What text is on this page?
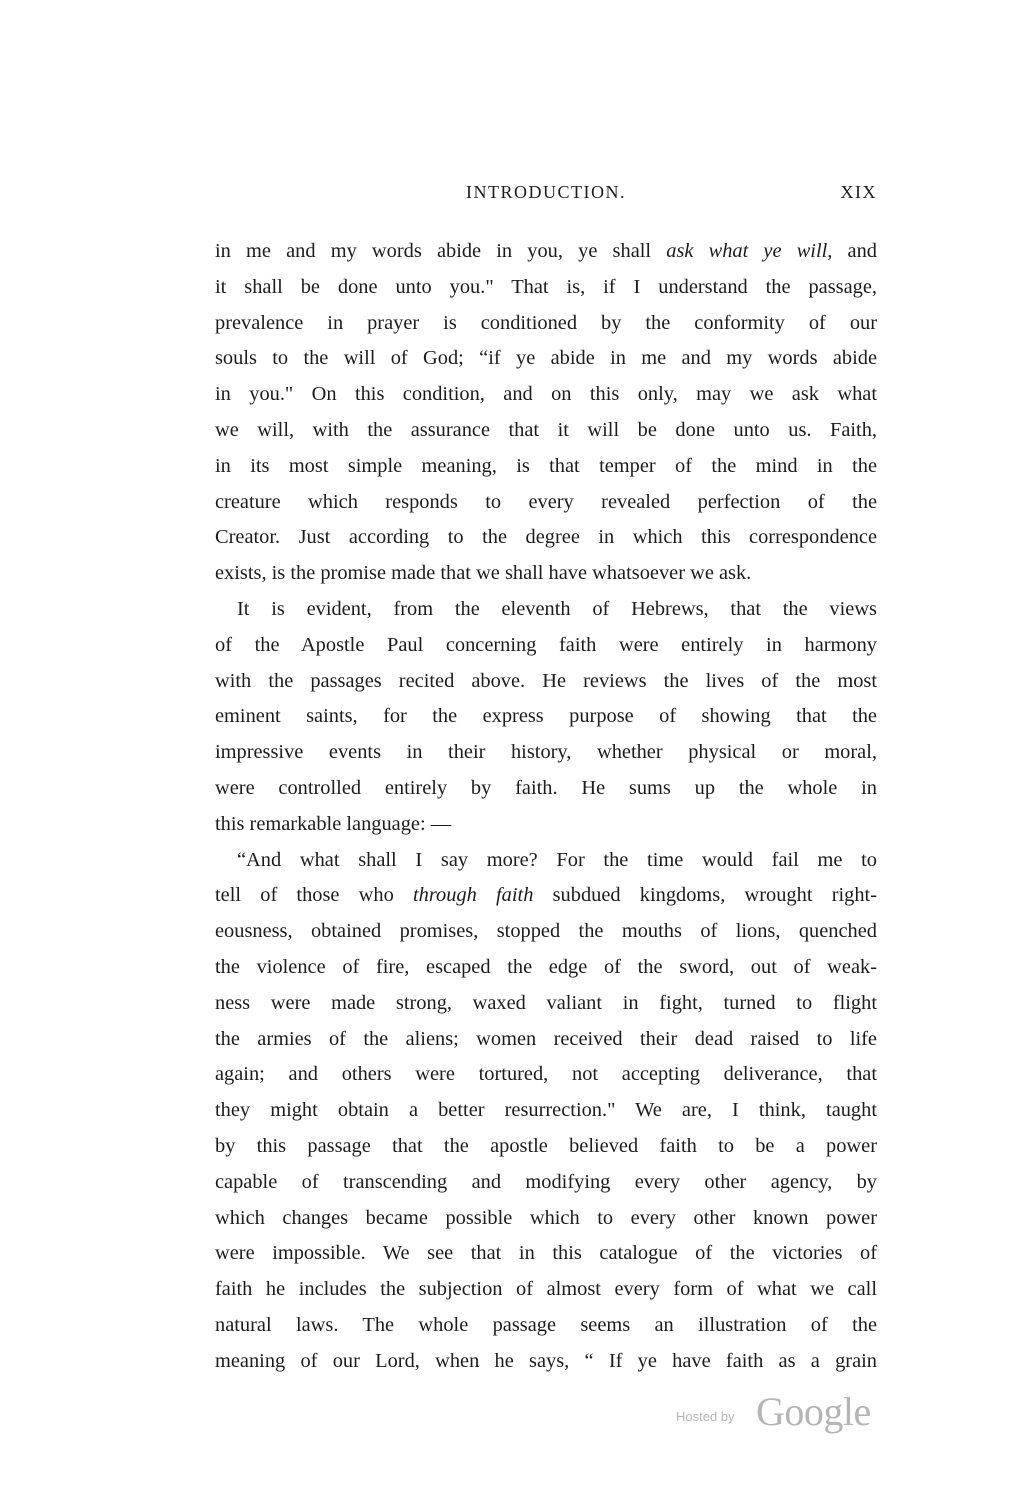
INTRODUCTION.	XIX
in me and my words abide in you, ye shall ask what ye will, and
it shall be done unto you." That is, if I understand the passage,
prevalence in prayer is conditioned by the conformity of our
souls to the will of God; “if ye abide in me and my words abide
in you." On this condition, and on this only, may we ask what
we will, with the assurance that it will be done unto us. Faith,
in its most simple meaning, is that temper of the mind in the
creature which responds to every revealed perfection of the
Creator. Just according to the degree in which this correspondence
exists, is the promise made that we shall have whatsoever we ask.
It is evident, from the eleventh of Hebrews, that the views
of the Apostle Paul concerning faith were entirely in harmony
with the passages recited above. He reviews the lives of the most
eminent saints, for the express purpose of showing that the
impressive events in their history, whether physical or moral,
were controlled entirely by faith. He sums up the whole in
this remarkable language: —
“And what shall I say more? For the time would fail me to
tell of those who through faith subdued kingdoms, wrought right-
eousness, obtained promises, stopped the mouths of lions, quenched
the violence of fire, escaped the edge of the sword, out of weak-
ness were made strong, waxed valiant in fight, turned to flight
the armies of the aliens; women received their dead raised to life
again; and others were tortured, not accepting deliverance, that
they might obtain a better resurrection." We are, I think, taught
by this passage that the apostle believed faith to be a power
capable of transcending and modifying every other agency, by
which changes became possible which to every other known power
were impossible. We see that in this catalogue of the victories of
faith he includes the subjection of almost every form of what we call
natural laws. The whole passage seems an illustration of the
meaning of our Lord, when he says, “ If ye have faith as a grain
Hosted by Google
